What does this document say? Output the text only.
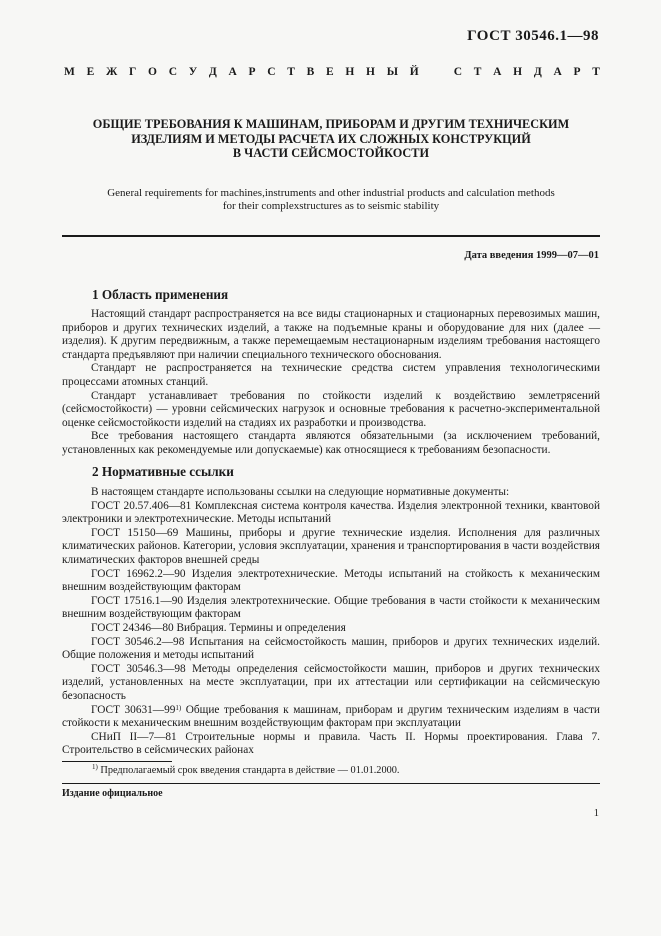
ГОСТ 30546.1—98
М Е Ж Г О С У Д А Р С Т В Е Н Н Ы Й	С Т А Н Д А Р Т
ОБЩИЕ ТРЕБОВАНИЯ К МАШИНАМ, ПРИБОРАМ И ДРУГИМ ТЕХНИЧЕСКИМ
ИЗДЕЛИЯМ И МЕТОДЫ РАСЧЕТА ИХ СЛОЖНЫХ КОНСТРУКЦИЙ
В ЧАСТИ СЕЙСМОСТОЙКОСТИ
General requirements for machines,instruments and other industrial products and calculation methods
for their complexstructures as to seismic stability
Дата введения 1999—07—01
1 Область применения

Настоящий стандарт распространяется на все виды стационарных и стационарных перевозимых машин, приборов и других технических изделий, а также на подъемные краны и оборудование для них (далее — изделия). К другим передвижным, а также перемещаемым нестационарным изделиям требования настоящего стандарта предъявляют при наличии специального технического обоснования.

Стандарт не распространяется на технические средства систем управления технологическими процессами атомных станций.

Стандарт устанавливает требования по стойкости изделий к воздействию землетрясений (сейсмостойкости) — уровни сейсмических нагрузок и основные требования к расчетно-экспериментальной оценке сейсмостойкости изделий на стадиях их разработки и производства.

Все требования настоящего стандарта являются обязательными (за исключением требований, установленных как рекомендуемые или допускаемые) как относящиеся к требованиям безопасности.

2 Нормативные ссылки

В настоящем стандарте использованы ссылки на следующие нормативные документы:

ГОСТ 20.57.406—81 Комплексная система контроля качества. Изделия электронной техники, квантовой электроники и электротехнические. Методы испытаний

ГОСТ 15150—69 Машины, приборы и другие технические изделия. Исполнения для различных климатических районов. Категории, условия эксплуатации, хранения и транспортирования в части воздействия климатических факторов внешней среды

ГОСТ 16962.2—90 Изделия электротехнические. Методы испытаний на стойкость к механическим внешним воздействующим факторам

ГОСТ 17516.1—90 Изделия электротехнические. Общие требования в части стойкости к механическим внешним воздействующим факторам

ГОСТ 24346—80 Вибрация. Термины и определения

ГОСТ 30546.2—98 Испытания на сейсмостойкость машин, приборов и других технических изделий. Общие положения и методы испытаний

ГОСТ 30546.3—98 Методы определения сейсмостойкости машин, приборов и других технических изделий, установленных на месте эксплуатации, при их аттестации или сертификации на сейсмическую безопасность

ГОСТ 30631—99$^{1)}$ Общие требования к машинам, приборам и другим техническим изделиям в части стойкости к механическим внешним воздействующим факторам при эксплуатации

СНиП II—7—81 Строительные нормы и правила. Часть II. Нормы проектирования. Глава 7. Строительство в сейсмических районах

$^{1)}$ Предполагаемый срок введения стандарта в действие — 01.01.2000.
Издание официальное
1
